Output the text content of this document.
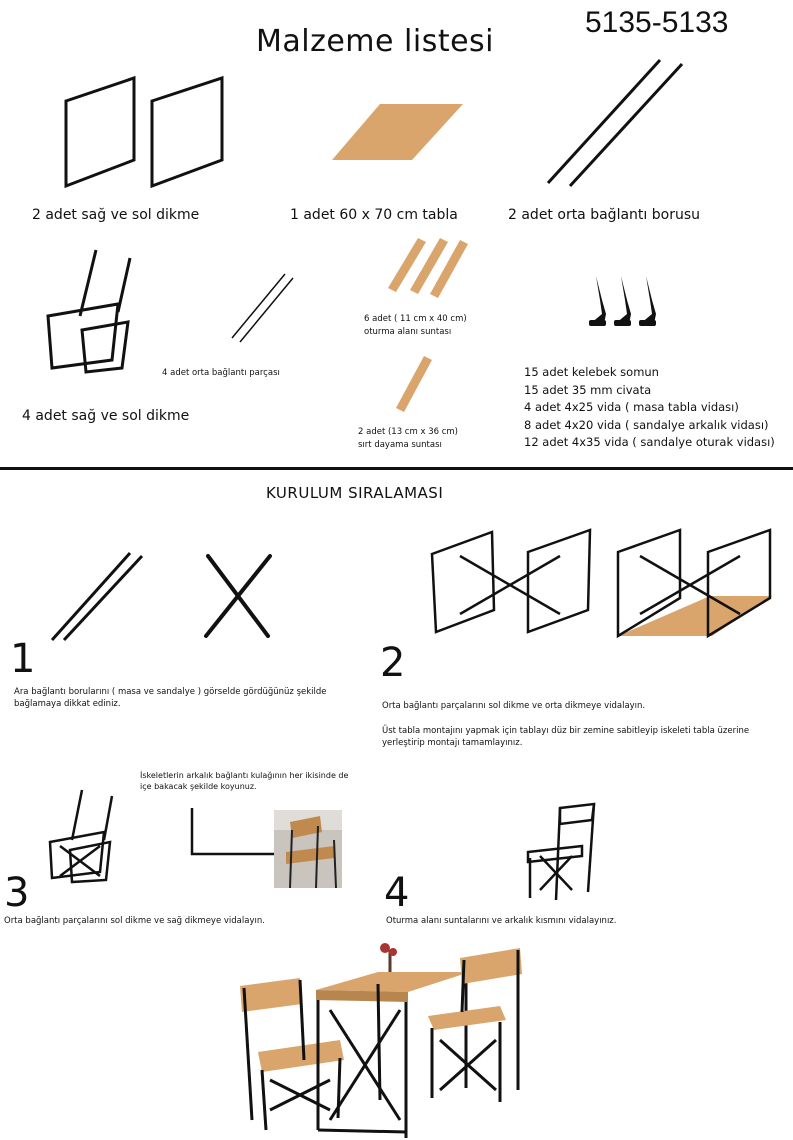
Malzeme listesi
5135-5133
2 adet sağ ve sol dikme	1 adet 60 x 70 cm tabla	2 adet orta bağlantı borusu
4 adet sağ ve sol dikme
4 adet orta bağlantı parçası
6 adet ( 11 cm x 40 cm)
oturma alanı suntası
2 adet (13 cm x 36 cm)
sırt dayama suntası
15 adet kelebek somun
15 adet 35 mm civata
4 adet 4x25 vida ( masa tabla vidası)
8 adet 4x20 vida ( sandalye arkalık vidası)
12 adet 4x35 vida ( sandalye oturak vidası)
KURULUM SIRALAMASI
1
Ara bağlantı borularını ( masa ve sandalye ) görselde gördüğünüz şekilde bağlamaya dikkat ediniz.
2
Orta bağlantı parçalarını sol dikme ve orta dikmeye vidalayın.
Üst tabla montajını yapmak için tablayı düz bir zemine sabitleyip iskeleti tabla üzerine yerleştirip montajı tamamlayınız.
İskeletlerin arkalık bağlantı kulağının her ikisinde de içe bakacak şekilde koyunuz.
3
Orta bağlantı parçalarını sol dikme ve sağ dikmeye vidalayın.
4
Oturma alanı suntalarını ve arkalık kısmını vidalayınız.
